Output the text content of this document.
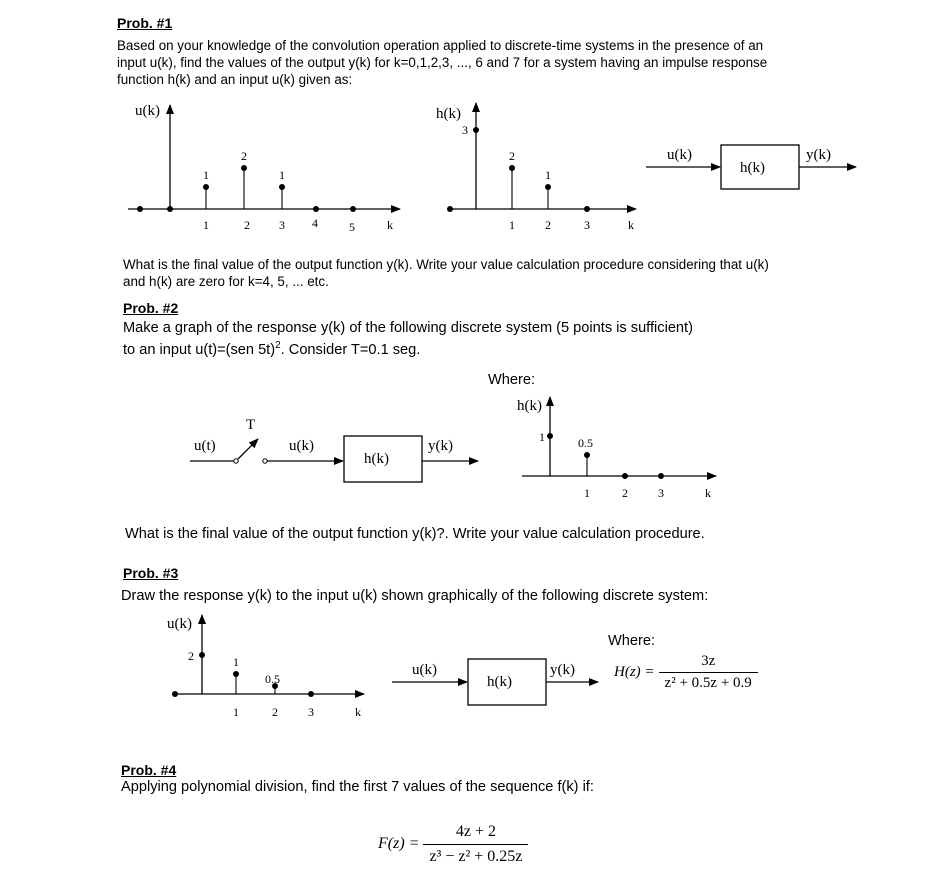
Prob. #1
Based on your knowledge of the convolution operation applied to discrete-time systems in the presence of an
input u(k), find the values of the output y(k) for k=0,1,2,3, ..., 6 and 7 for a system having an impulse response
function h(k) and an input u(k) given as:
u(k)
k
1
2
1
1	2 3 4	5
h(k)
k
3
2
1
1	2	3
u(k)
h(k)
y(k)
u(t)
T
u(k)
h(k)
y(k)
h(k)
k
1	0.5
1	2	3
u(k)
k
2	1
0.5
1	2	3
u(k)
h(k)
y(k)
What is the final value of the output function y(k). Write your value calculation procedure considering that u(k)
and h(k) are zero for k=4, 5, ... etc.
Prob. #2
Make a graph of the response y(k) of the following discrete system (5 points is sufficient)
to an input u(t)=(sen 5t)$^2$. Consider T=0.1 seg.
Where:
What is the final value of the output function y(k)?. Write your value calculation procedure.
Prob. #3
Draw the response y(k) to the input u(k) shown graphically of the following discrete system:
Where:
$H(z) = \frac{3z}{\text{z² + 0.5z + 0.9}}$
Prob. #4
Applying polynomial division, find the first 7 values of the sequence f(k) if:
$F(z) = \frac{4z + 2}{\text{z³ − z² + 0.25z}}$
